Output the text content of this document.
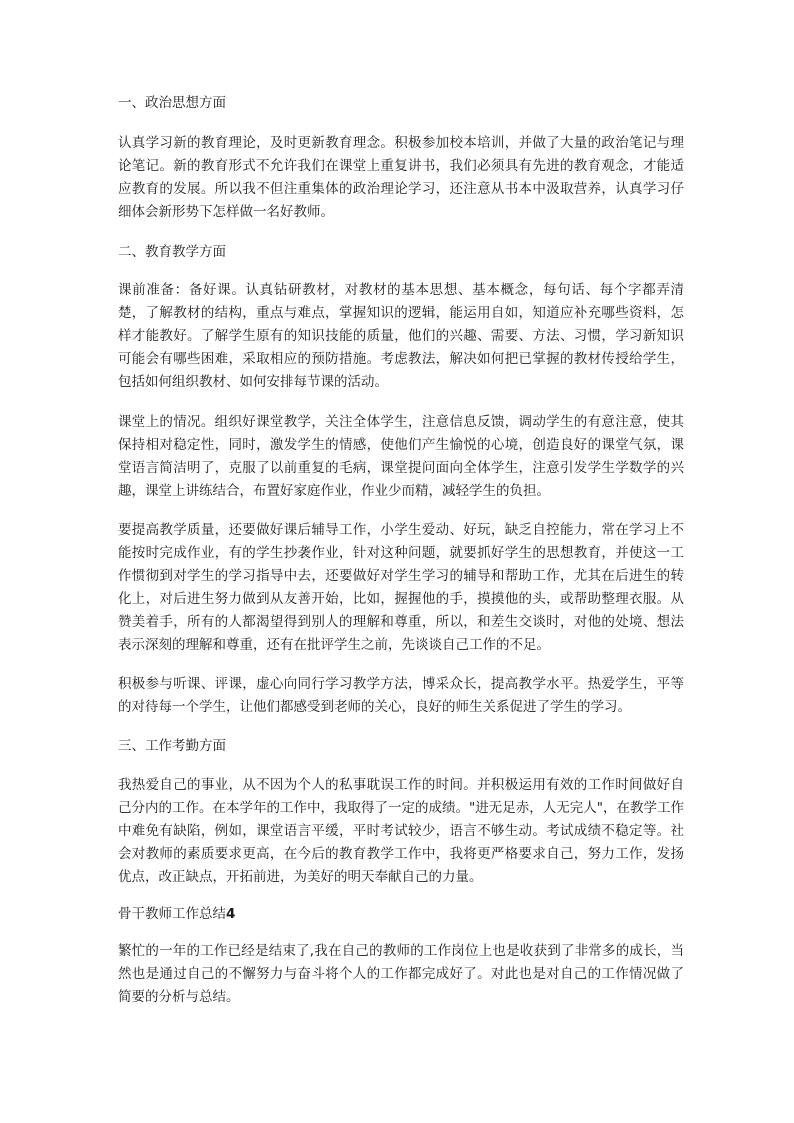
一、政治思想方面

认真学习新的教育理论，及时更新教育理念。积极参加校本培训，并做了大量的政治笔记与理论笔记。新的教育形式不允许我们在课堂上重复讲书，我们必须具有先进的教育观念，才能适应教育的发展。所以我不但注重集体的政治理论学习，还注意从书本中汲取营养，认真学习仔细体会新形势下怎样做一名好教师。

二、教育教学方面

课前准备：备好课。认真钻研教材，对教材的基本思想、基本概念，每句话、每个字都弄清楚，了解教材的结构，重点与难点，掌握知识的逻辑，能运用自如，知道应补充哪些资料，怎样才能教好。了解学生原有的知识技能的质量，他们的兴趣、需要、方法、习惯，学习新知识可能会有哪些困难，采取相应的预防措施。考虑教法，解决如何把已掌握的教材传授给学生，包括如何组织教材、如何安排每节课的活动。

课堂上的情况。组织好课堂教学，关注全体学生，注意信息反馈，调动学生的有意注意，使其保持相对稳定性，同时，激发学生的情感，使他们产生愉悦的心境，创造良好的课堂气氛，课堂语言简洁明了，克服了以前重复的毛病，课堂提问面向全体学生，注意引发学生学数学的兴趣，课堂上讲练结合，布置好家庭作业，作业少而精，减轻学生的负担。

要提高教学质量，还要做好课后辅导工作，小学生爱动、好玩，缺乏自控能力，常在学习上不能按时完成作业，有的学生抄袭作业，针对这种问题，就要抓好学生的思想教育，并使这一工作惯彻到对学生的学习指导中去，还要做好对学生学习的辅导和帮助工作，尤其在后进生的转化上，对后进生努力做到从友善开始，比如，握握他的手，摸摸他的头，或帮助整理衣服。从赞美着手，所有的人都渴望得到别人的理解和尊重，所以，和差生交谈时，对他的处境、想法表示深刻的理解和尊重，还有在批评学生之前，先谈谈自己工作的不足。

积极参与听课、评课，虚心向同行学习教学方法，博采众长，提高教学水平。热爱学生，平等的对待每一个学生，让他们都感受到老师的关心，良好的师生关系促进了学生的学习。

三、工作考勤方面

我热爱自己的事业，从不因为个人的私事耽误工作的时间。并积极运用有效的工作时间做好自己分内的工作。在本学年的工作中，我取得了一定的成绩。"进无足赤，人无完人"，在教学工作中难免有缺陷，例如，课堂语言平缓，平时考试较少，语言不够生动。考试成绩不稳定等。社会对教师的素质要求更高，在今后的教育教学工作中，我将更严格要求自己，努力工作，发扬优点，改正缺点，开拓前进，为美好的明天奉献自己的力量。

骨干教师工作总结4

繁忙的一年的工作已经是结束了,我在自己的教师的工作岗位上也是收获到了非常多的成长，当然也是通过自己的不懈努力与奋斗将个人的工作都完成好了。对此也是对自己的工作情况做了简要的分析与总结。
